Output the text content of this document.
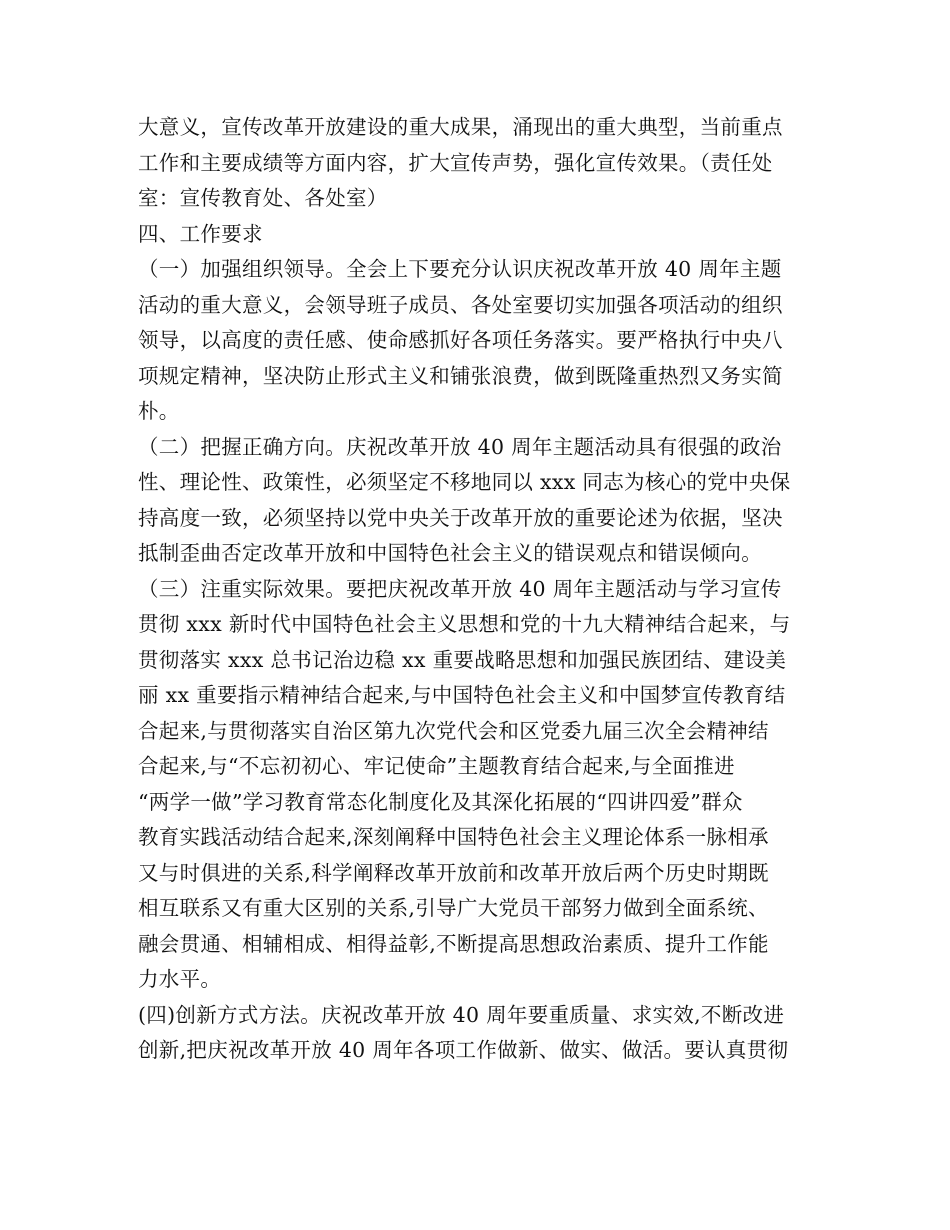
大意义，宣传改革开放建设的重大成果，涌现出的重大典型，当前重点
工作和主要成绩等方面内容，扩大宣传声势，强化宣传效果。（责任处
室：宣传教育处、各处室）
四、工作要求
（一）加强组织领导。全会上下要充分认识庆祝改革开放 40 周年主题
活动的重大意义，会领导班子成员、各处室要切实加强各项活动的组织
领导，以高度的责任感、使命感抓好各项任务落实。要严格执行中央八
项规定精神，坚决防止形式主义和铺张浪费，做到既隆重热烈又务实简
朴。
（二）把握正确方向。庆祝改革开放 40 周年主题活动具有很强的政治
性、理论性、政策性，必须坚定不移地同以 xxx 同志为核心的党中央保
持高度一致，必须坚持以党中央关于改革开放的重要论述为依据，坚决
抵制歪曲否定改革开放和中国特色社会主义的错误观点和错误倾向。
（三）注重实际效果。要把庆祝改革开放 40 周年主题活动与学习宣传
贯彻 xxx 新时代中国特色社会主义思想和党的十九大精神结合起来，与
贯彻落实 xxx 总书记治边稳 xx 重要战略思想和加强民族团结、建设美
丽 xx 重要指示精神结合起来,与中国特色社会主义和中国梦宣传教育结
合起来,与贯彻落实自治区第九次党代会和区党委九届三次全会精神结
合起来,与“不忘初初心、牢记使命”主题教育结合起来,与全面推进
“两学一做”学习教育常态化制度化及其深化拓展的“四讲四爱”群众
教育实践活动结合起来,深刻阐释中国特色社会主义理论体系一脉相承
又与时俱进的关系,科学阐释改革开放前和改革开放后两个历史时期既
相互联系又有重大区别的关系,引导广大党员干部努力做到全面系统、
融会贯通、相辅相成、相得益彰,不断提高思想政治素质、提升工作能
力水平。
(四)创新方式方法。庆祝改革开放 40 周年要重质量、求实效,不断改进
创新,把庆祝改革开放 40 周年各项工作做新、做实、做活。要认真贯彻
